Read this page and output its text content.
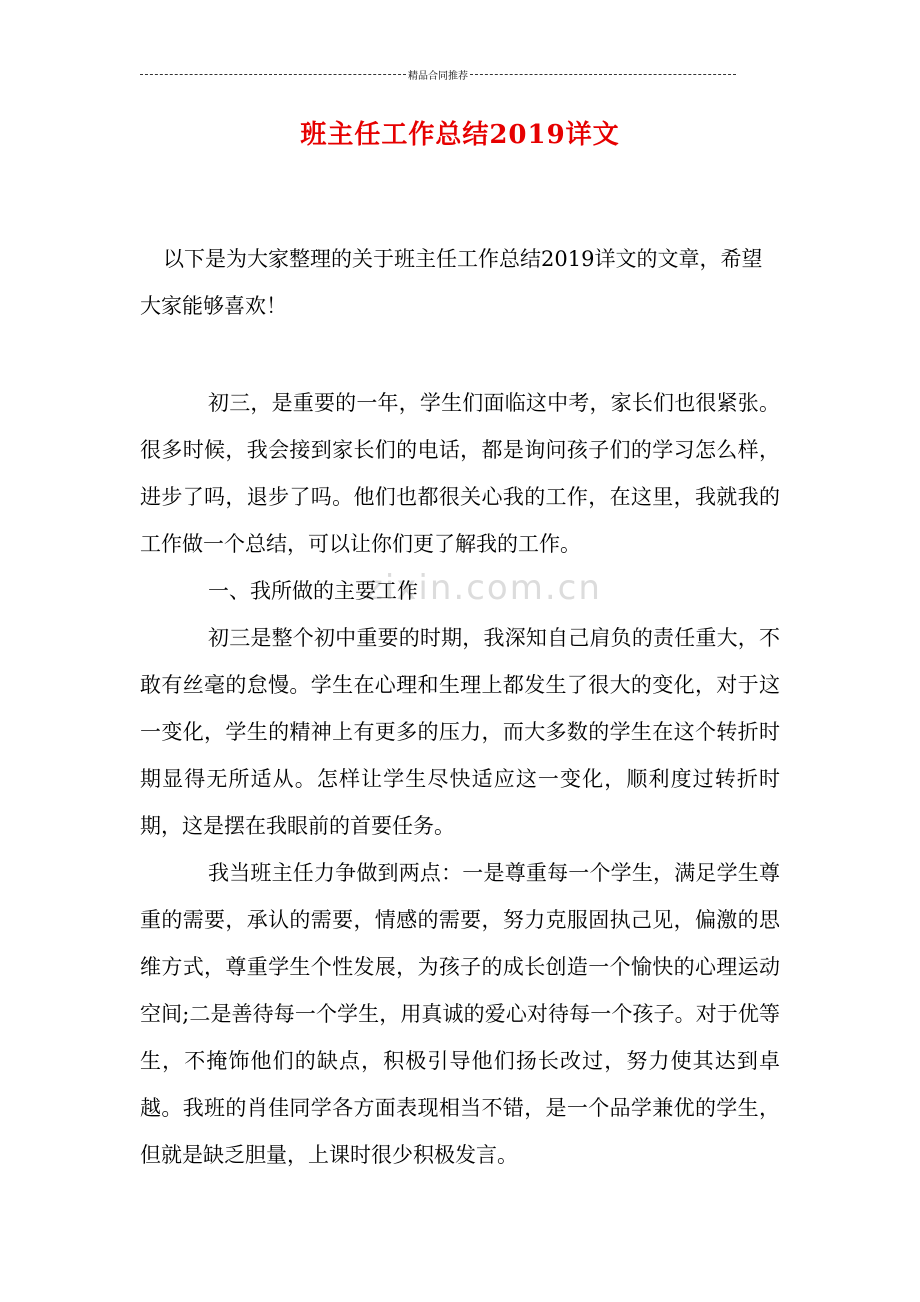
精品合同推荐
班主任工作总结2019详文
zixin.com.cn
以下是为大家整理的关于班主任工作总结2019详文的文章，希望大家能够喜欢！

初三，是重要的一年，学生们面临这中考，家长们也很紧张。很多时候，我会接到家长们的电话，都是询问孩子们的学习怎么样，进步了吗，退步了吗。他们也都很关心我的工作，在这里，我就我的工作做一个总结，可以让你们更了解我的工作。

一、我所做的主要工作

初三是整个初中重要的时期，我深知自己肩负的责任重大，不敢有丝毫的怠慢。学生在心理和生理上都发生了很大的变化，对于这一变化，学生的精神上有更多的压力，而大多数的学生在这个转折时期显得无所适从。怎样让学生尽快适应这一变化，顺利度过转折时期，这是摆在我眼前的首要任务。

我当班主任力争做到两点：一是尊重每一个学生，满足学生尊重的需要，承认的需要，情感的需要，努力克服固执己见，偏激的思维方式，尊重学生个性发展，为孩子的成长创造一个愉快的心理运动空间;二是善待每一个学生，用真诚的爱心对待每一个孩子。对于优等生，不掩饰他们的缺点，积极引导他们扬长改过，努力使其达到卓越。我班的肖佳同学各方面表现相当不错，是一个品学兼优的学生，但就是缺乏胆量，上课时很少积极发言。
